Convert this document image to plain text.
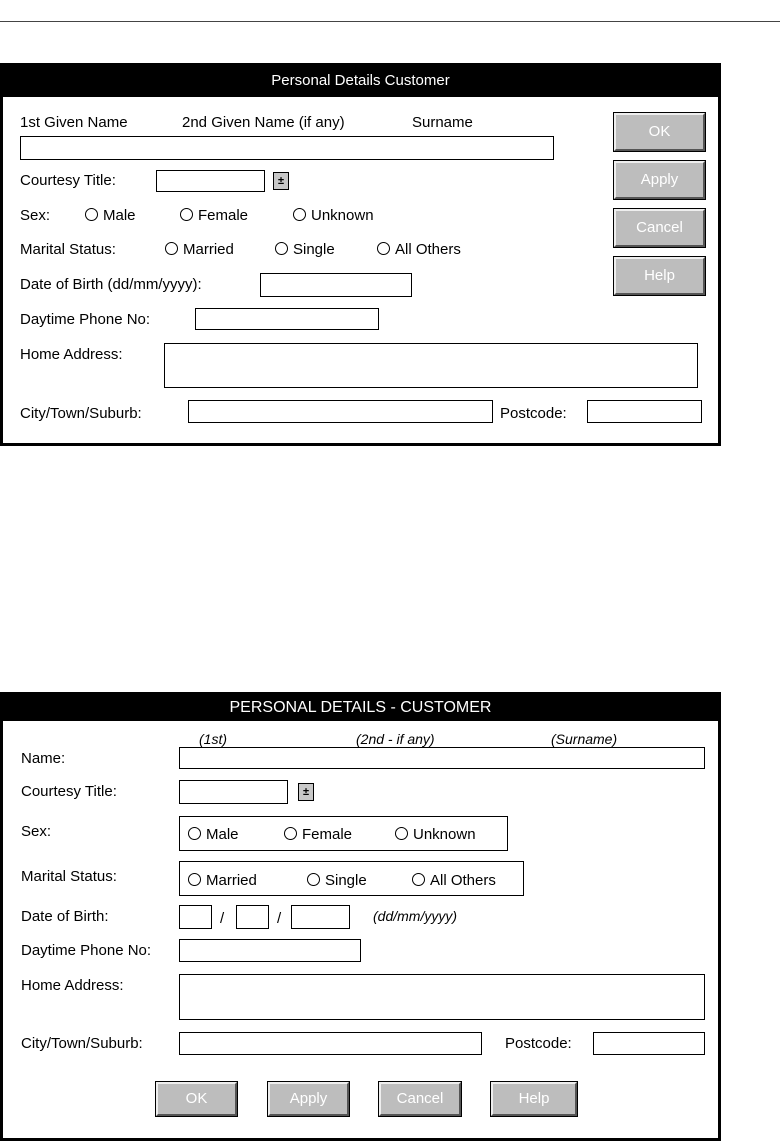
Personal Details Customer
1st Given Name	2nd Given Name (if any)	Surname
Courtesy Title:	±
Sex:	Male	Female	Unknown
Marital Status:	Married	Single	All Others
Date of Birth (dd/mm/yyyy):
Daytime Phone No:
Home Address:
City/Town/Suburb:	Postcode:
OK
Apply
Cancel
Help
PERSONAL DETAILS - CUSTOMER
(1st)	(2nd - if any)	(Surname)
Name:
Courtesy Title:	±
Sex:	Male	Female	Unknown
Marital Status:	Married	Single	All Others
Date of Birth:	/	/	(dd/mm/yyyy)
Daytime Phone No:
Home Address:
City/Town/Suburb:	Postcode:
OK	Apply	Cancel	Help
